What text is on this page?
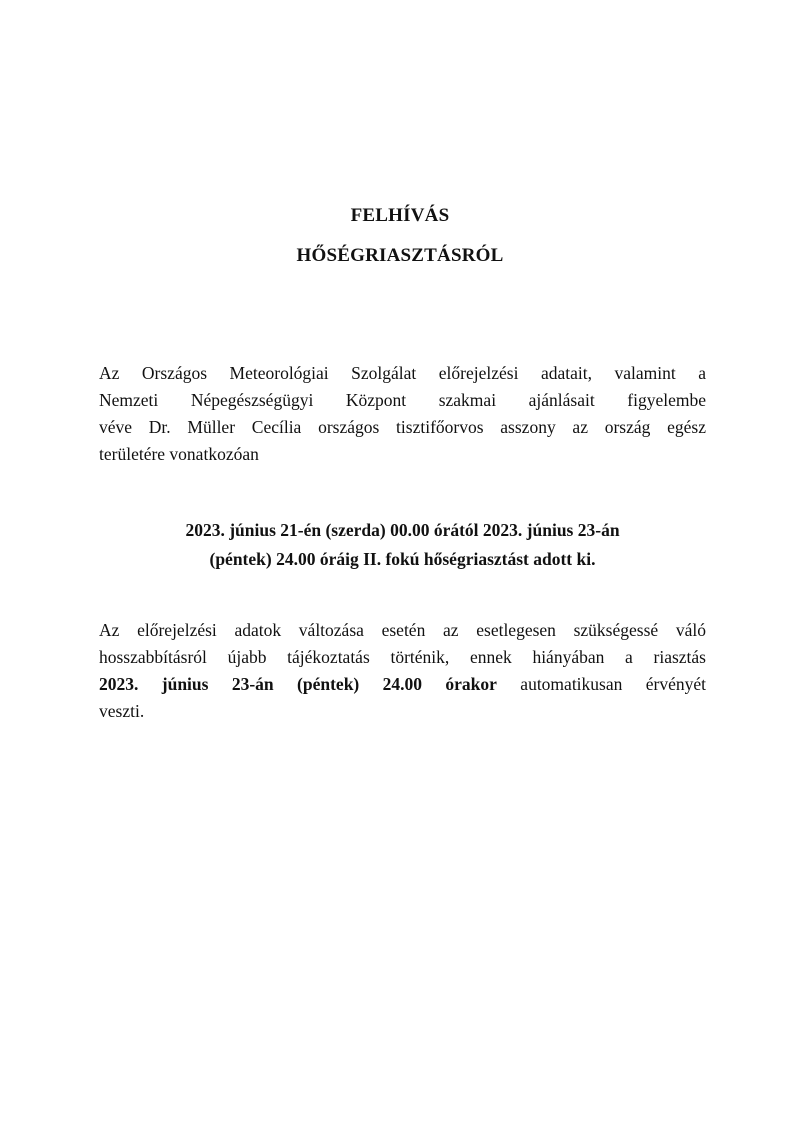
FELHÍVÁS
HŐSÉGRIASZTÁSRÓL

Az Országos Meteorológiai Szolgálat előrejelzési adatait, valamint a
Nemzeti Népegészségügyi Központ szakmai ajánlásait figyelembe
véve Dr. Müller Cecília országos tisztifőorvos asszony az ország egész
területére vonatkozóan

2023. június 21-én (szerda) 00.00 órától 2023. június 23-án
(péntek) 24.00 óráig II. fokú hőségriasztást adott ki.

Az előrejelzési adatok változása esetén az esetlegesen szükségessé váló
hosszabbításról újabb tájékoztatás történik, ennek hiányában a riasztás
2023. június 23-án (péntek) 24.00 órakor automatikusan érvényét
veszti.
